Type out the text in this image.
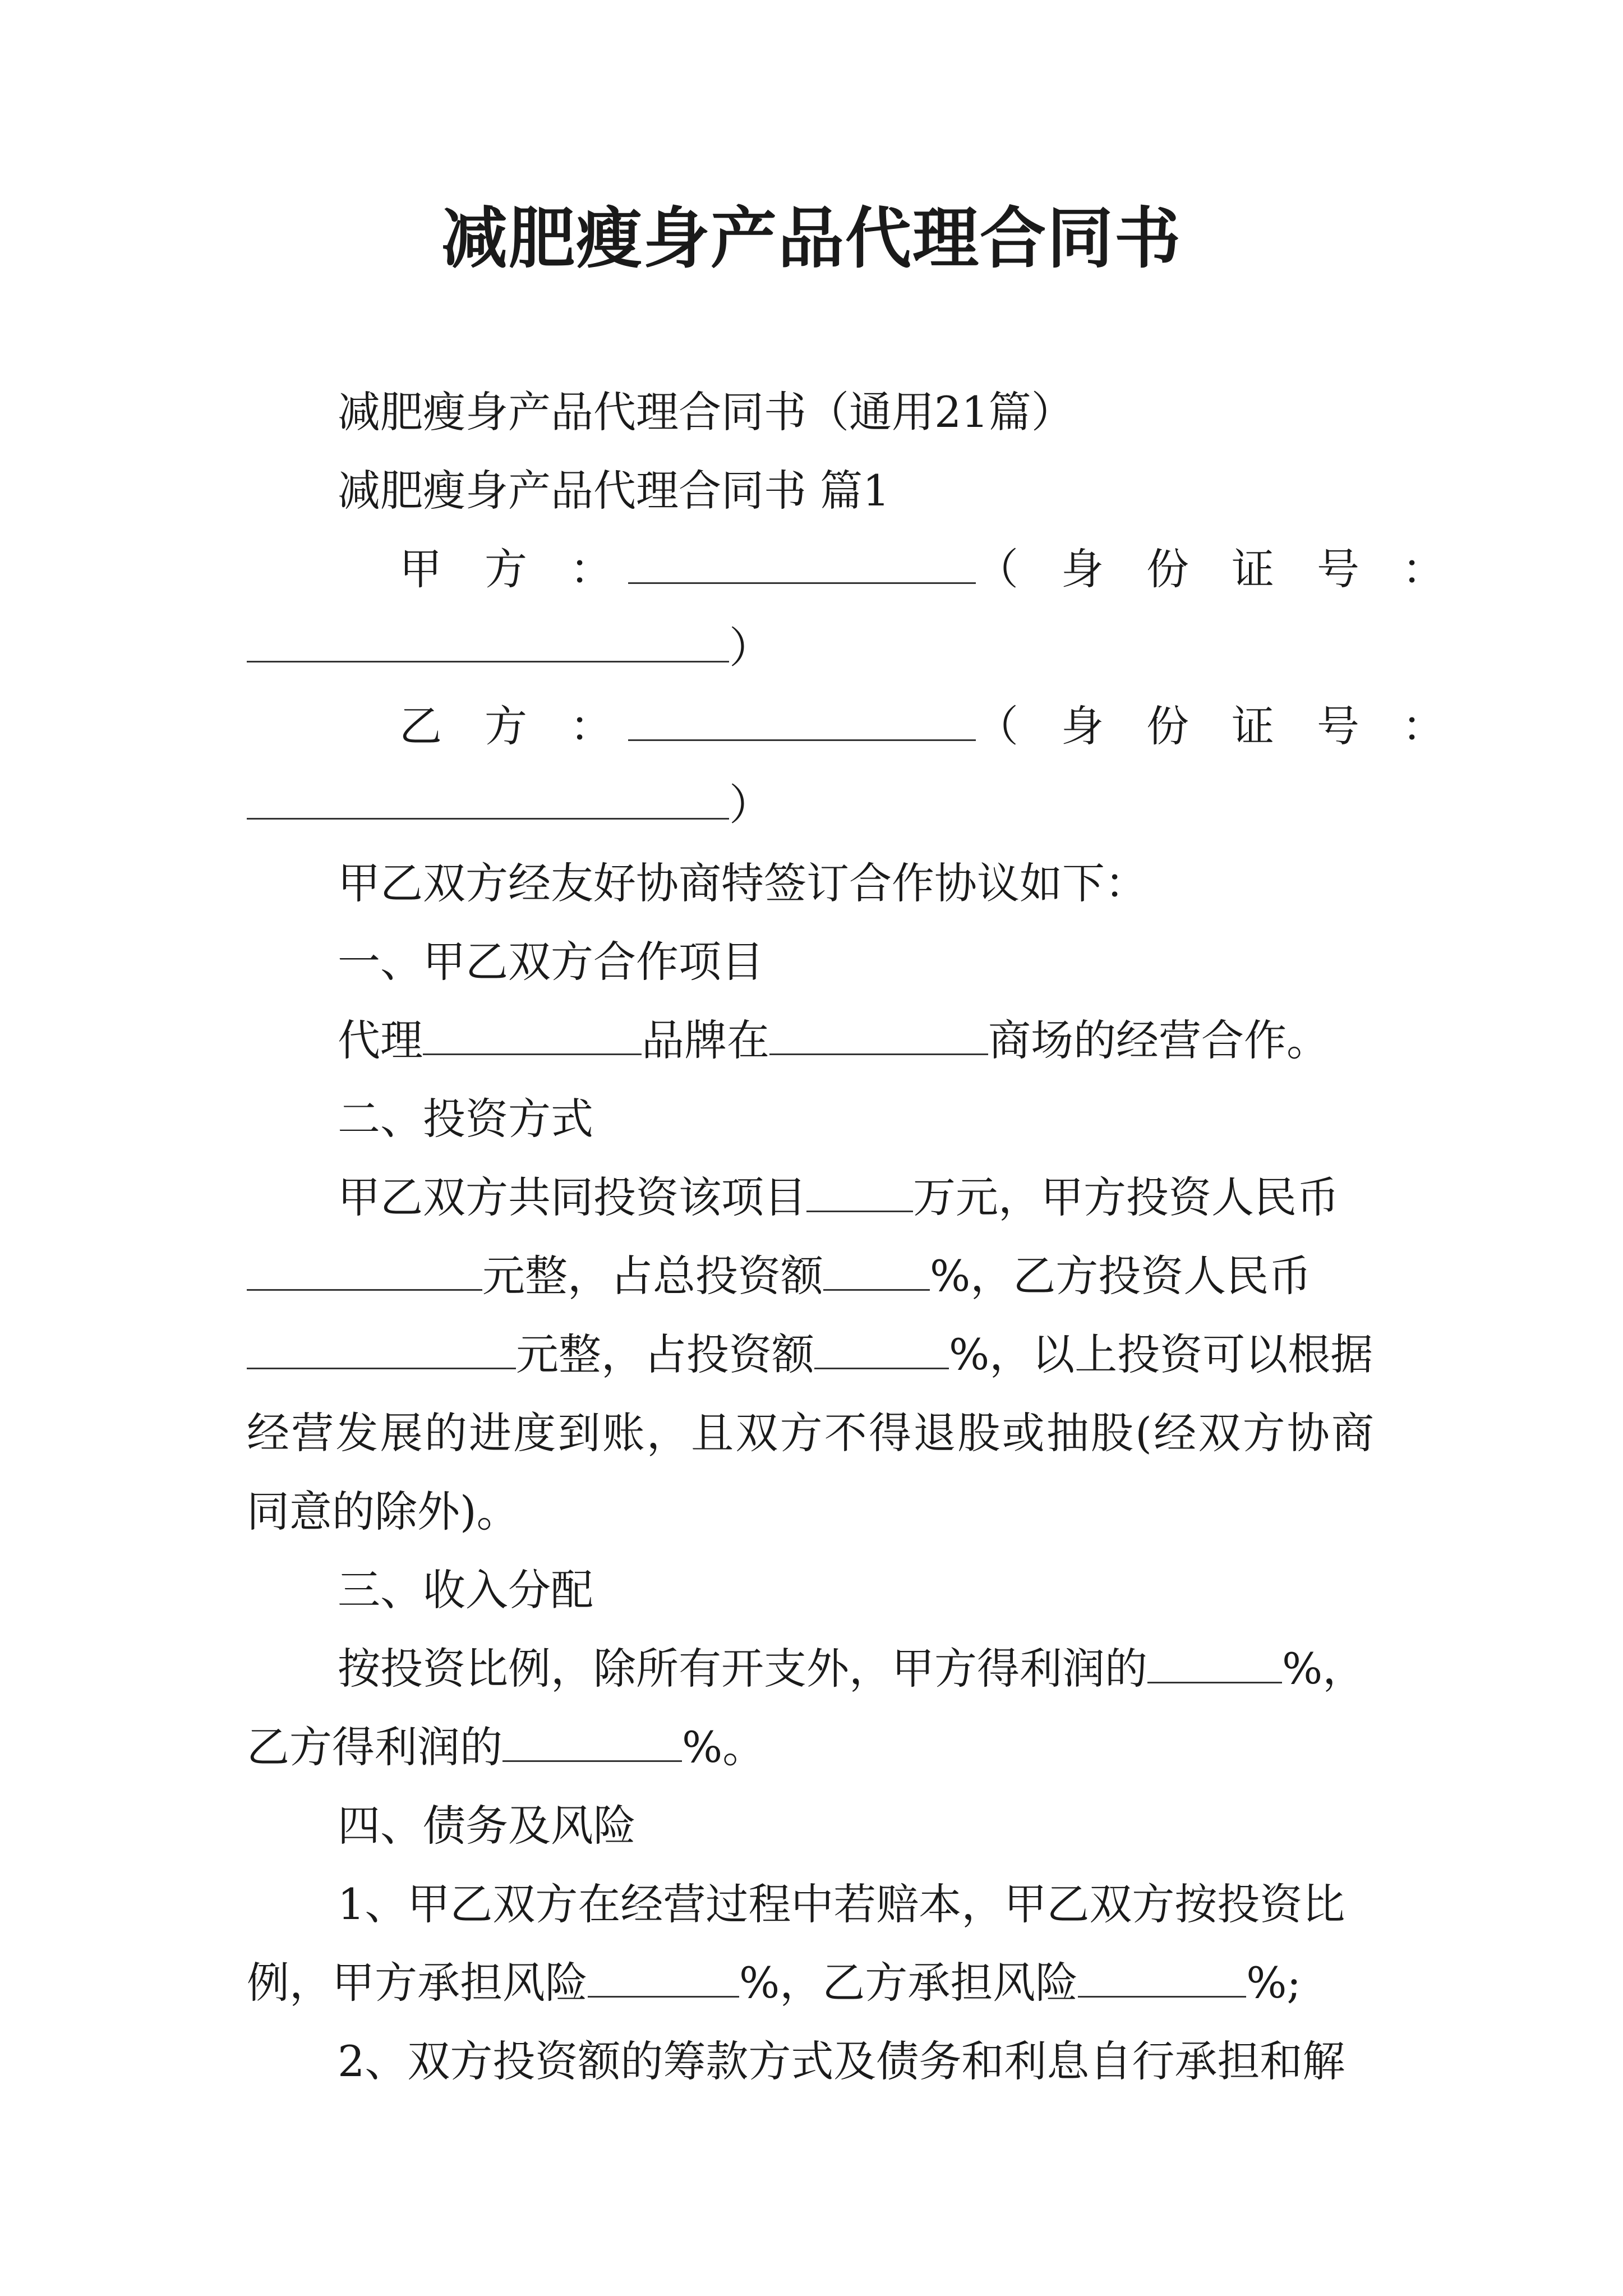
减肥瘦身产品代理合同书
减肥瘦身产品代理合同书（通用21篇）
减肥瘦身产品代理合同书 篇1
甲　方　：	（　身　份　证　号　：
）
乙　方　：	（　身　份　证　号　：
）
甲乙双方经友好协商特签订合作协议如下：
一、甲乙双方合作项目
代理	品牌在	商场的经营合作。
二、投资方式
甲乙双方共同投资该项目	万元，甲方投资人民币
元整，占总投资额	%，乙方投资人民币
元整，占投资额	%，以上投资可以根据
经营发展的进度到账，且双方不得退股或抽股(经双方协商
同意的除外)。
三、收入分配
按投资比例，除所有开支外，甲方得利润的	%，
乙方得利润的	%。
四、债务及风险
1、甲乙双方在经营过程中若赔本，甲乙双方按投资比
例，甲方承担风险	%，乙方承担风险	%;
2、双方投资额的筹款方式及债务和利息自行承担和解
